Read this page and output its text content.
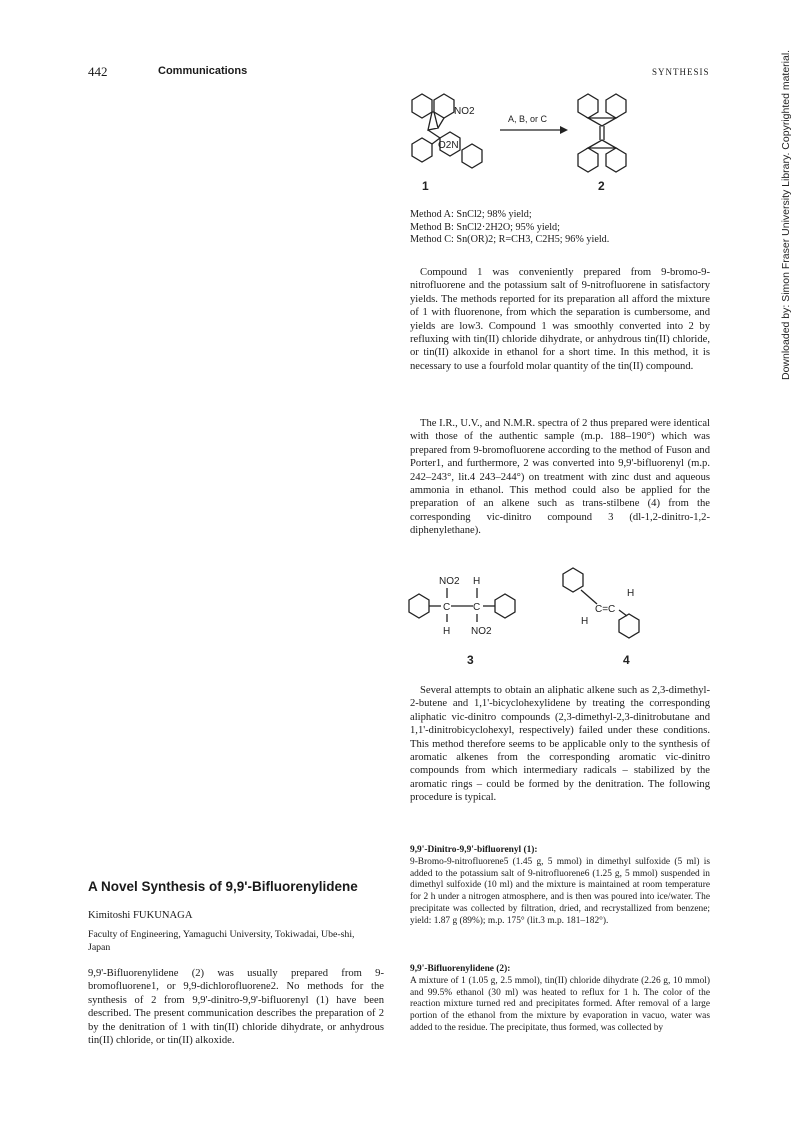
442	Communications	SYNTHESIS	Downloaded by: Simon Fraser University Library. Copyrighted material.
A, B, or C
NO2
O2N
1	2
Method A: SnCl2; 98% yield;
Method B: SnCl2·2H2O; 95% yield;
Method C: Sn(OR)2; R=CH3, C2H5; 96% yield.

Compound 1 was conveniently prepared from 9-bromo-9-nitrofluorene and the potassium salt of 9-nitrofluorene in satisfactory yields. The methods reported for its preparation all afford the mixture of 1 with fluorenone, from which the separation is cumbersome, and yields are low3. Compound 1 was smoothly converted into 2 by refluxing with tin(II) chloride dihydrate, or anhydrous tin(II) chloride, or tin(II) alkoxide in ethanol for a short time. In this method, it is necessary to use a fourfold molar quantity of the tin(II) compound.

The I.R., U.V., and N.M.R. spectra of 2 thus prepared were identical with those of the authentic sample (m.p. 188–190°) which was prepared from 9-bromofluorene according to the method of Fuson and Porter1, and furthermore, 2 was converted into 9,9'-bifluorenyl (m.p. 242–243°, lit.4 243–244°) on treatment with zinc dust and aqueous ammonia in ethanol. This method could also be applied for the preparation of an alkene such as trans-stilbene (4) from the corresponding vic-dinitro compound 3 (dl-1,2-dinitro-1,2-diphenylethane).

NO2 H
C C
H NO2
C=C
H
H
3	4

Several attempts to obtain an aliphatic alkene such as 2,3-dimethyl-2-butene and 1,1'-bicyclohexylidene by treating the corresponding aliphatic vic-dinitro compounds (2,3-dimethyl-2,3-dinitrobutane and 1,1'-dinitrobicyclohexyl, respectively) failed under these conditions. This method therefore seems to be applicable only to the synthesis of aromatic alkenes from the corresponding aromatic vic-dinitro compounds from which intermediary radicals – stabilized by the aromatic rings – could be formed by the denitration. The following procedure is typical.

9,9'-Dinitro-9,9'-bifluorenyl (1):
9-Bromo-9-nitrofluorene5 (1.45 g, 5 mmol) in dimethyl sulfoxide (5 ml) is added to the potassium salt of 9-nitrofluorene6 (1.25 g, 5 mmol) suspended in dimethyl sulfoxide (10 ml) and the mixture is maintained at room temperature for 2 h under a nitrogen atmosphere, and is then was poured into ice/water. The precipitate was collected by filtration, dried, and recrystallized from benzene; yield: 1.87 g (89%); m.p. 175° (lit.3 m.p. 181–182°).
9,9'-Bifluorenylidene (2):
A mixture of 1 (1.05 g, 2.5 mmol), tin(II) chloride dihydrate (2.26 g, 10 mmol) and 99.5% ethanol (30 ml) was heated to reflux for 1 h. The color of the reaction mixture turned red and precipitates formed. After removal of a large portion of the ethanol from the mixture by evaporation in vacuo, water was added to the residue. The precipitate, thus formed, was collected by
A Novel Synthesis of 9,9'-Bifluorenylidene
Kimitoshi FUKUNAGA
Faculty of Engineering, Yamaguchi University, Tokiwadai, Ube-shi, Japan

9,9'-Bifluorenylidene (2) was usually prepared from 9-bromofluorene1, or 9,9-dichlorofluorene2. No methods for the synthesis of 2 from 9,9'-dinitro-9,9'-bifluorenyl (1) have been described. The present communication describes the preparation of 2 by the denitration of 1 with tin(II) chloride dihydrate, or anhydrous tin(II) chloride, or tin(II) alkoxide.
